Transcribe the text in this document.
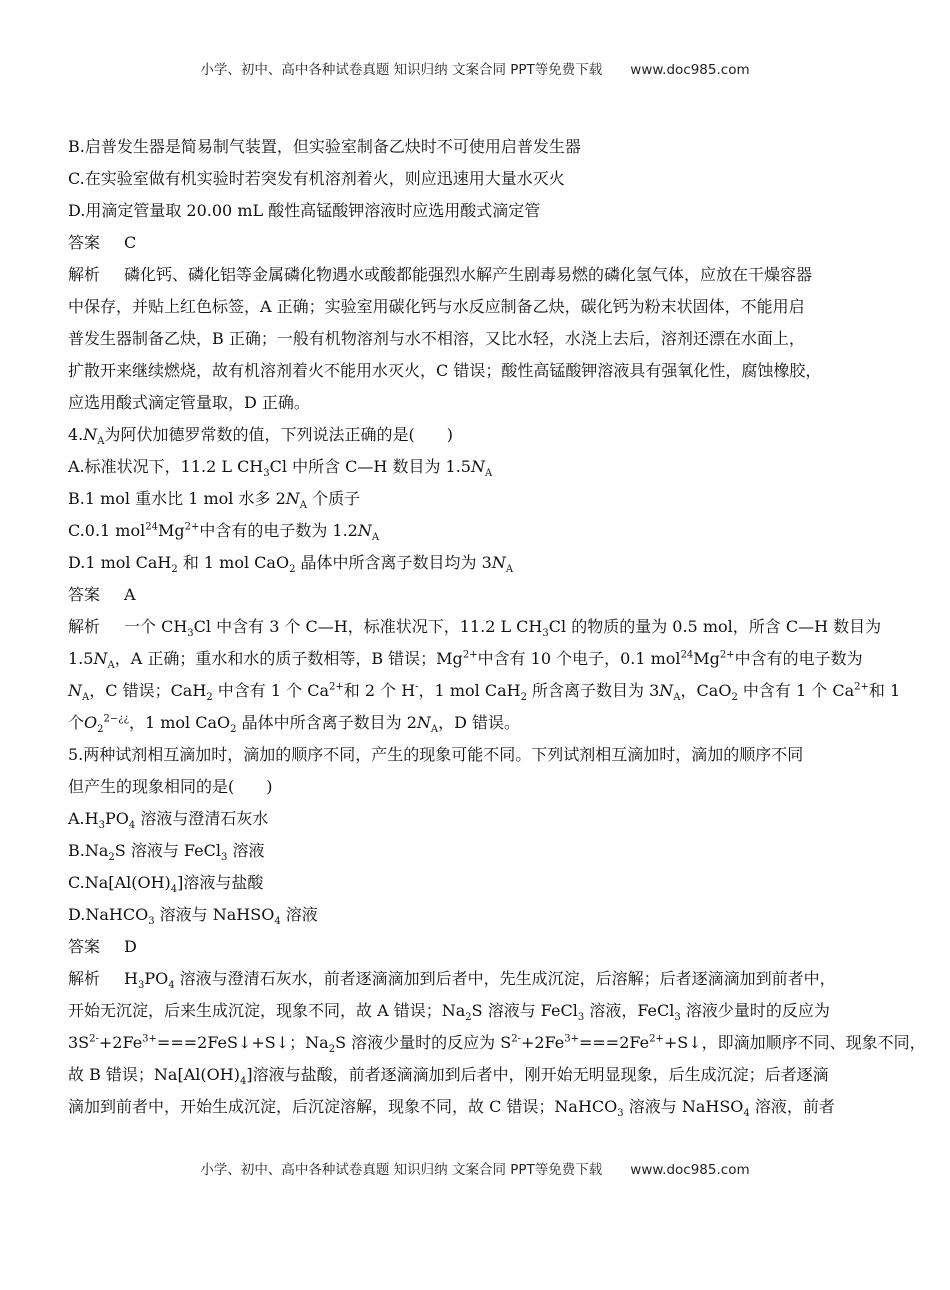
小学、初中、高中各种试卷真题 知识归纳 文案合同 PPT等免费下载 www.doc985.com
B.启普发生器是简易制气装置，但实验室制备乙炔时不可使用启普发生器
C.在实验室做有机实验时若突发有机溶剂着火，则应迅速用大量水灭火
D.用滴定管量取 20.00 mL 酸性高锰酸钾溶液时应选用酸式滴定管
答案 C
解析 磷化钙、磷化铝等金属磷化物遇水或酸都能强烈水解产生剧毒易燃的磷化氢气体，应放在干燥容器
中保存，并贴上红色标签，A 正确；实验室用碳化钙与水反应制备乙炔，碳化钙为粉末状固体，不能用启
普发生器制备乙炔，B 正确；一般有机物溶剂与水不相溶，又比水轻，水浇上去后，溶剂还漂在水面上，
扩散开来继续燃烧，故有机溶剂着火不能用水灭火，C 错误；酸性高锰酸钾溶液具有强氧化性，腐蚀橡胶，
应选用酸式滴定管量取，D 正确。
$4.N_A$为阿伏加德罗常数的值，下列说法正确的是(　　)
A.标准状况下，11.2 L $CH_3Cl$ 中所含 C—H 数目为 $1.5N_A$
B.1 mol 重水比 1 mol 水多 $2N_A$ 个质子
C.0.1 $mol^{24}Mg^{2+}$中含有的电子数为 $1.2N_A$
D.1 mol CaH$_2$ 和 1 mol CaO$_2$ 晶体中所含离子数目均为 $3N_A$
答案 A
解析 一个 $CH_3Cl$ 中含有 3 个 C—H，标准状况下，11.2 L $CH_3Cl$ 的物质的量为 0.5 mol，所含 C—H 数目为
$1.5N_A$，A 正确；重水和水的质子数相等，B 错误；$Mg^{2+}$中含有 10 个电子，0.1 $mol^{24}Mg^{2+}$中含有的电子数为
$N_A$，C 错误；CaH$_2$ 中含有 1 个 $Ca^{2+}$和 2 个 H-，1 mol CaH$_2$ 所含离子数目为 $3N_A$，CaO$_2$ 中含有 1 个 $Ca^{2+}$和 1
个$O_2^{2-¿¿}$，1 mol CaO$_2$ 晶体中所含离子数目为 $2N_A$，D 错误。
5.两种试剂相互滴加时，滴加的顺序不同，产生的现象可能不同。下列试剂相互滴加时，滴加的顺序不同
但产生的现象相同的是(　　)
$A.H_3PO_4$ 溶液与澄清石灰水
$B.Na_2S$ 溶液与 FeCl$_3$ 溶液
$C.Na[Al(OH)_4]$溶液与盐酸
D.NaHCO$_3$ 溶液与 NaHSO$_4$ 溶液
答案 D
解析 $H_3PO_4$ 溶液与澄清石灰水，前者逐滴滴加到后者中，先生成沉淀，后溶解；后者逐滴滴加到前者中，
开始无沉淀，后来生成沉淀，现象不同，故 A 错误；$Na_2S$ 溶液与 FeCl$_3$ 溶液，FeCl$_3$ 溶液少量时的反应为
$3S^{2-}+2Fe^{3+}===2FeS↓+S↓$；$Na_2S$ 溶液少量时的反应为 $S^{2-}+2Fe^{3+}===2Fe^{2+}+S↓$，即滴加顺序不同、现象不同，
故 B 错误；$Na[Al(OH)_4]$溶液与盐酸，前者逐滴滴加到后者中，刚开始无明显现象，后生成沉淀；后者逐滴
滴加到前者中，开始生成沉淀，后沉淀溶解，现象不同，故 C 错误；NaHCO$_3$ 溶液与 NaHSO$_4$ 溶液，前者
小学、初中、高中各种试卷真题 知识归纳 文案合同 PPT等免费下载 www.doc985.com
